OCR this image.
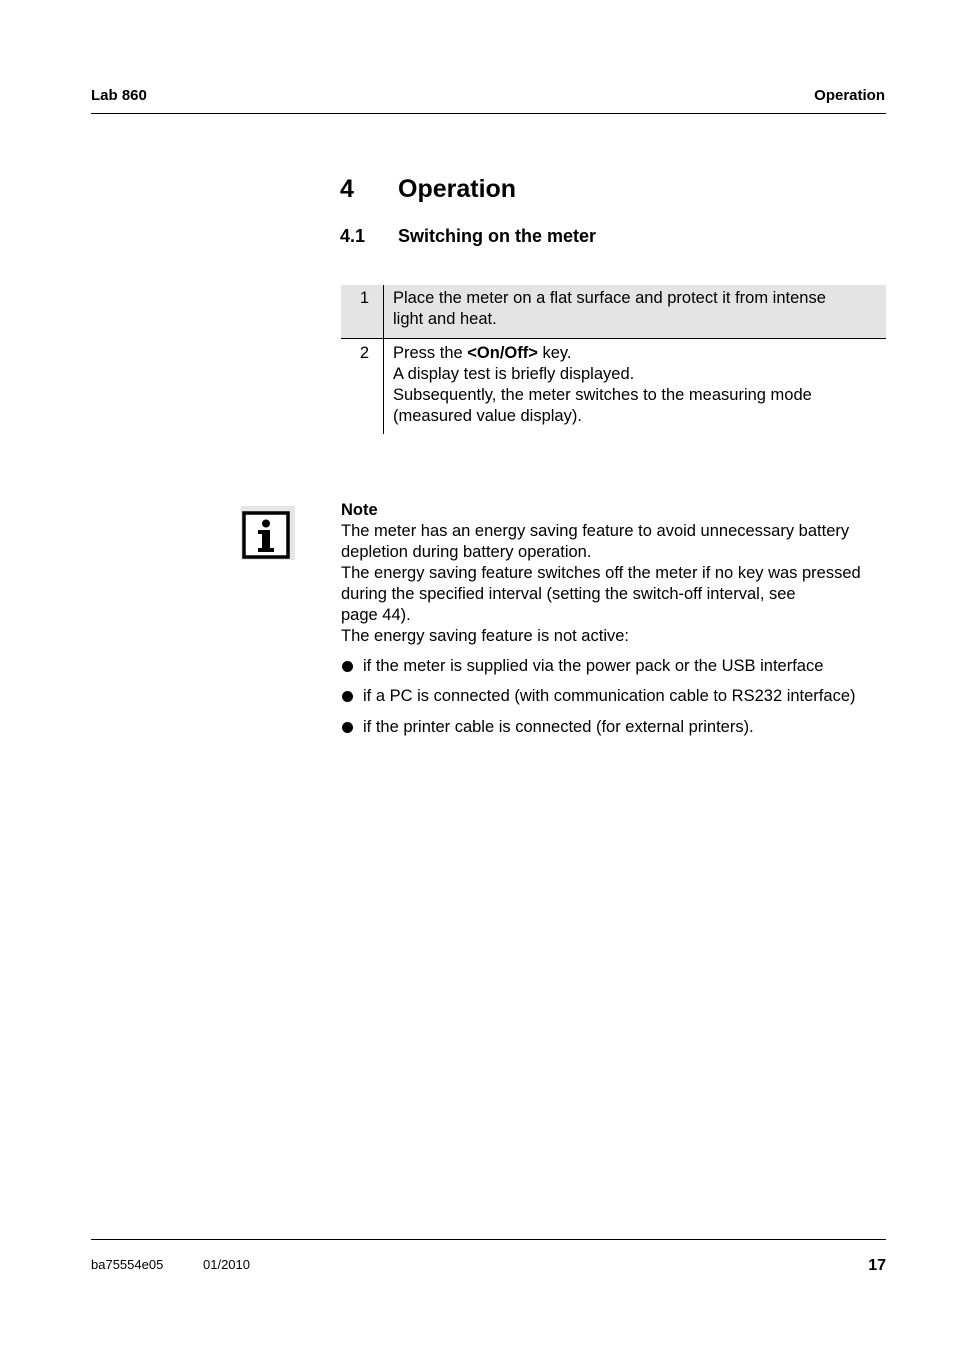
Lab 860	Operation
4 Operation
4.1 Switching on the meter
1	Place the meter on a flat surface and protect it from intense
light and heat.
2	Press the <On/Off> key.
A display test is briefly displayed.
Subsequently, the meter switches to the measuring mode
(measured value display).
Note
The meter has an energy saving feature to avoid unnecessary battery
depletion during battery operation.
The energy saving feature switches off the meter if no key was pressed
during the specified interval (setting the switch-off interval, see
page 44).
The energy saving feature is not active:
if the meter is supplied via the power pack or the USB interface
if a PC is connected (with communication cable to RS232 interface)
if the printer cable is connected (for external printers).
ba75554e05	01/2010	17
